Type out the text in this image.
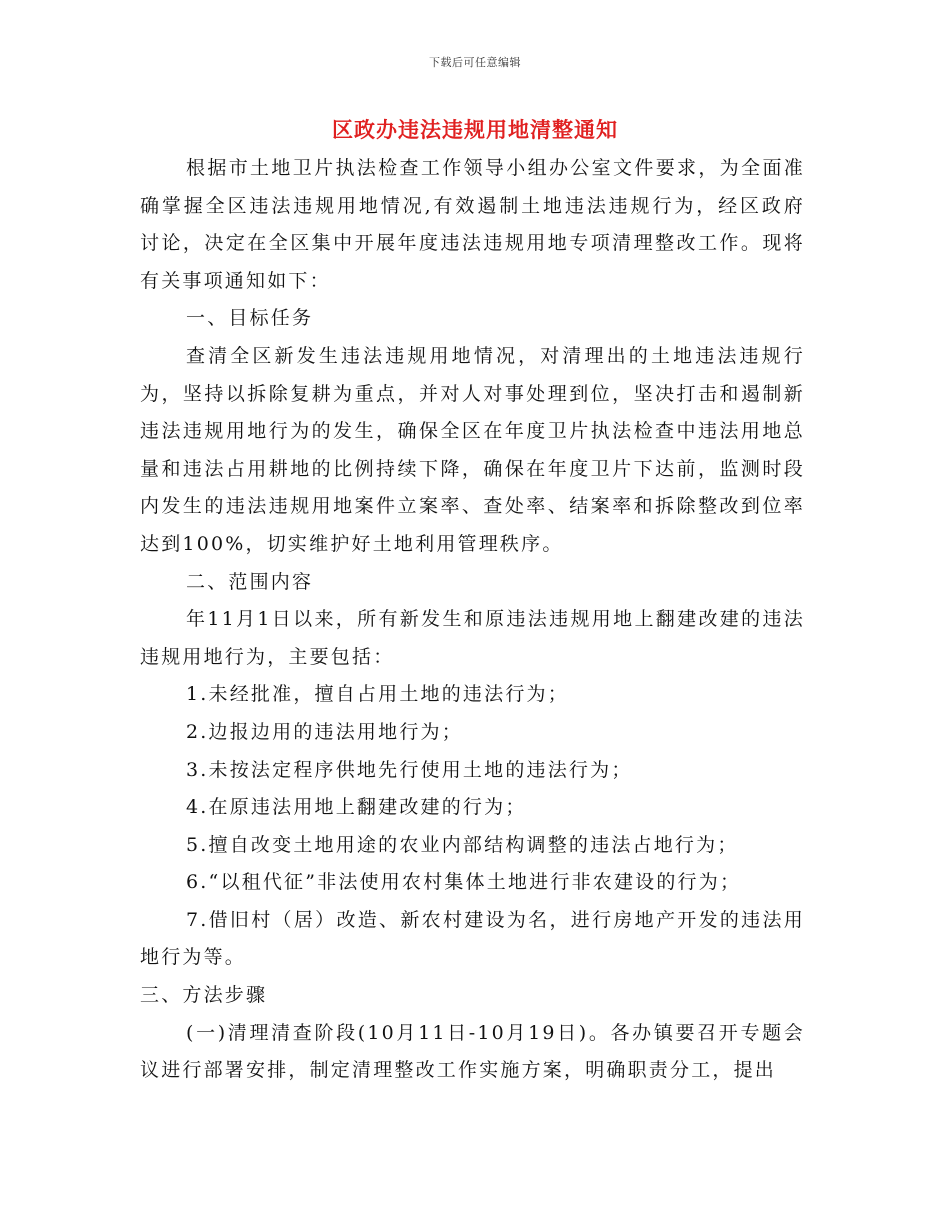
下载后可任意编辑
区政办违法违规用地清整通知

根据市土地卫片执法检查工作领导小组办公室文件要求，为全面准确掌握全区违法违规用地情况,有效遏制土地违法违规行为，经区政府讨论，决定在全区集中开展年度违法违规用地专项清理整改工作。现将有关事项通知如下：

一、目标任务

查清全区新发生违法违规用地情况，对清理出的土地违法违规行为，坚持以拆除复耕为重点，并对人对事处理到位，坚决打击和遏制新违法违规用地行为的发生，确保全区在年度卫片执法检查中违法用地总量和违法占用耕地的比例持续下降，确保在年度卫片下达前，监测时段内发生的违法违规用地案件立案率、查处率、结案率和拆除整改到位率达到100%，切实维护好土地利用管理秩序。

二、范围内容

年11月1日以来，所有新发生和原违法违规用地上翻建改建的违法违规用地行为，主要包括：

1.未经批准，擅自占用土地的违法行为；

2.边报边用的违法用地行为；

3.未按法定程序供地先行使用土地的违法行为；

4.在原违法用地上翻建改建的行为；

5.擅自改变土地用途的农业内部结构调整的违法占地行为；

6.“以租代征”非法使用农村集体土地进行非农建设的行为；

7.借旧村（居）改造、新农村建设为名，进行房地产开发的违法用地行为等。

三、方法步骤

(一)清理清查阶段(10月11日-10月19日)。各办镇要召开专题会议进行部署安排，制定清理整改工作实施方案，明确职责分工，提出
